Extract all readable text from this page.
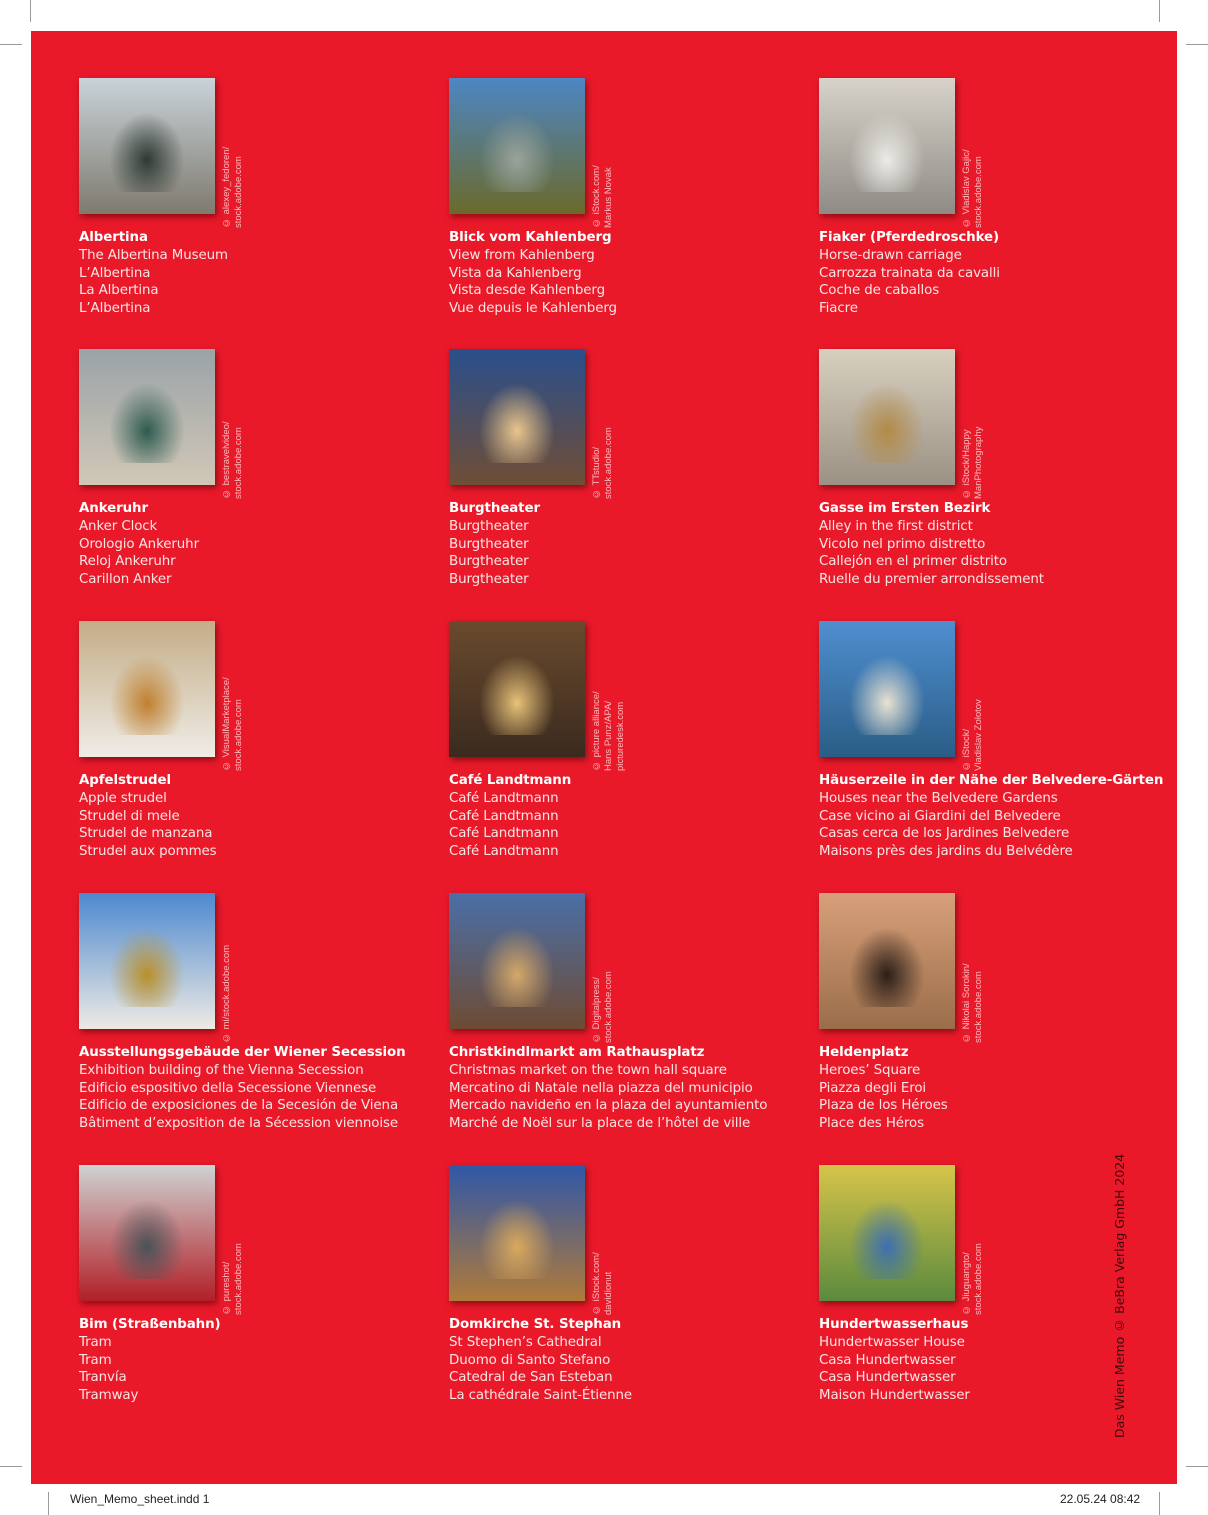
© alexey_fedoren/
stock.adobe.com
Albertina
The Albertina Museum
L’Albertina
La Albertina
L’Albertina
© iStock.com/
Markus Novak
Blick vom Kahlenberg
View from Kahlenberg
Vista da Kahlenberg
Vista desde Kahlenberg
Vue depuis le Kahlenberg
© Vladislav Gajic/
stock.adobe.com
Fiaker (Pferdedroschke)
Horse-drawn carriage
Carrozza trainata da cavalli
Coche de caballos
Fiacre
© bestravelvideo/
stock.adobe.com
Ankeruhr
Anker Clock
Orologio Ankeruhr
Reloj Ankeruhr
Carillon Anker
© TTstudio/
stock.adobe.com
Burgtheater
Burgtheater
Burgtheater
Burgtheater
Burgtheater
© iStock/Happy
ManPhotography
Gasse im Ersten Bezirk
Alley in the first district
Vicolo nel primo distretto
Callejón en el primer distrito
Ruelle du premier arrondissement
© VisualMarketplace/
stock.adobe.com
Apfelstrudel
Apple strudel
Strudel di mele
Strudel de manzana
Strudel aux pommes
© picture alliance/
Hans Punz/APA/
picturedesk.com
Café Landtmann
Café Landtmann
Café Landtmann
Café Landtmann
Café Landtmann
© iStock/
Vladislav Zolotov
Häuserzeile in der Nähe der Belvedere-Gärten
Houses near the Belvedere Gardens
Case vicino ai Giardini del Belvedere
Casas cerca de los Jardines Belvedere
Maisons près des jardins du Belvédère
© mi/stock.adobe.com
Ausstellungsgebäude der Wiener Secession
Exhibition building of the Vienna Secession
Edificio espositivo della Secessione Viennese
Edificio de exposiciones de la Secesión de Viena
Bâtiment d’exposition de la Sécession viennoise
© Digitalpress/
stock.adobe.com
Christkindlmarkt am Rathausplatz
Christmas market on the town hall square
Mercatino di Natale nella piazza del municipio
Mercado navideño en la plaza del ayuntamiento
Marché de Noël sur la place de l’hôtel de ville
© Nikolai Sorokin/
stock.adobe.com
Heldenplatz
Heroes’ Square
Piazza degli Eroi
Plaza de los Héroes
Place des Héros
© pureshot/
stock.adobe.com
Bim (Straßenbahn)
Tram
Tram
Tranvía
Tramway
© iStock.com/
davidionut
Domkirche St. Stephan
St Stephen’s Cathedral
Duomo di Santo Stefano
Catedral de San Esteban
La cathédrale Saint-Étienne
© Jiuguangto/
stock.adobe.com
Hundertwasserhaus
Hundertwasser House
Casa Hundertwasser
Casa Hundertwasser
Maison Hundertwasser	Das Wien Memo © BeBra Verlag GmbH 2024
Wien_Memo_sheet.indd 1	22.05.24 08:42
